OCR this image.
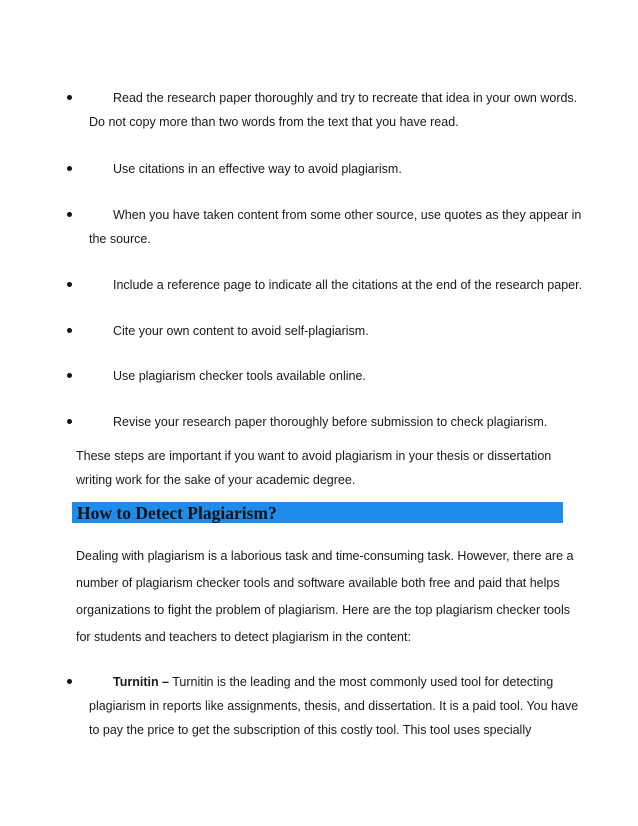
Read the research paper thoroughly and try to recreate that idea in your own words.
Do not copy more than two words from the text that you have read.
Use citations in an effective way to avoid plagiarism.
When you have taken content from some other source, use quotes as they appear in
the source.
Include a reference page to indicate all the citations at the end of the research paper.
Cite your own content to avoid self-plagiarism.
Use plagiarism checker tools available online.
Revise your research paper thoroughly before submission to check plagiarism.
These steps are important if you want to avoid plagiarism in your thesis or dissertation
writing work for the sake of your academic degree.
How to Detect Plagiarism?
Dealing with plagiarism is a laborious task and time-consuming task. However, there are a
number of plagiarism checker tools and software available both free and paid that helps
organizations to fight the problem of plagiarism. Here are the top plagiarism checker tools
for students and teachers to detect plagiarism in the content:
Turnitin – Turnitin is the leading and the most commonly used tool for detecting
plagiarism in reports like assignments, thesis, and dissertation. It is a paid tool. You have
to pay the price to get the subscription of this costly tool. This tool uses specially
